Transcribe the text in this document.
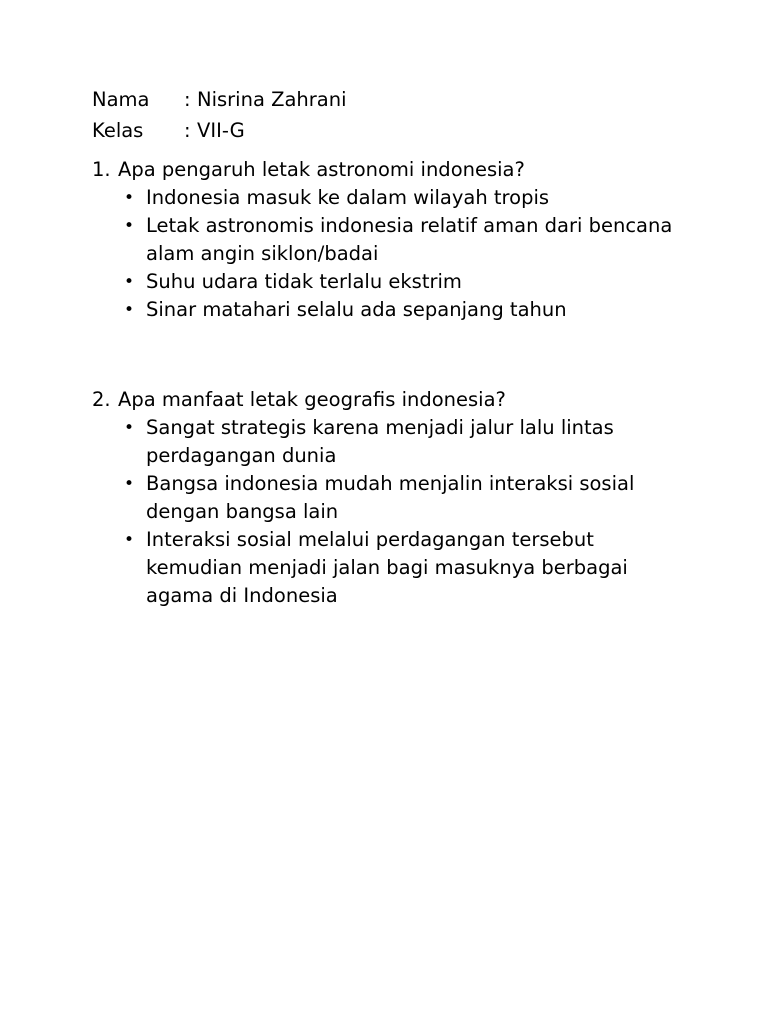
Nama	: Nisrina Zahrani
Kelas	: VII-G
1. Apa pengaruh letak astronomi indonesia?
• Indonesia masuk ke dalam wilayah tropis
• Letak astronomis indonesia relatif aman dari bencana alam angin siklon/badai
• Suhu udara tidak terlalu ekstrim
• Sinar matahari selalu ada sepanjang tahun
2. Apa manfaat letak geografis indonesia?
• Sangat strategis karena menjadi jalur lalu lintas perdagangan dunia
• Bangsa indonesia mudah menjalin interaksi sosial dengan bangsa lain
• Interaksi sosial melalui perdagangan tersebut kemudian menjadi jalan bagi masuknya berbagai agama di Indonesia
